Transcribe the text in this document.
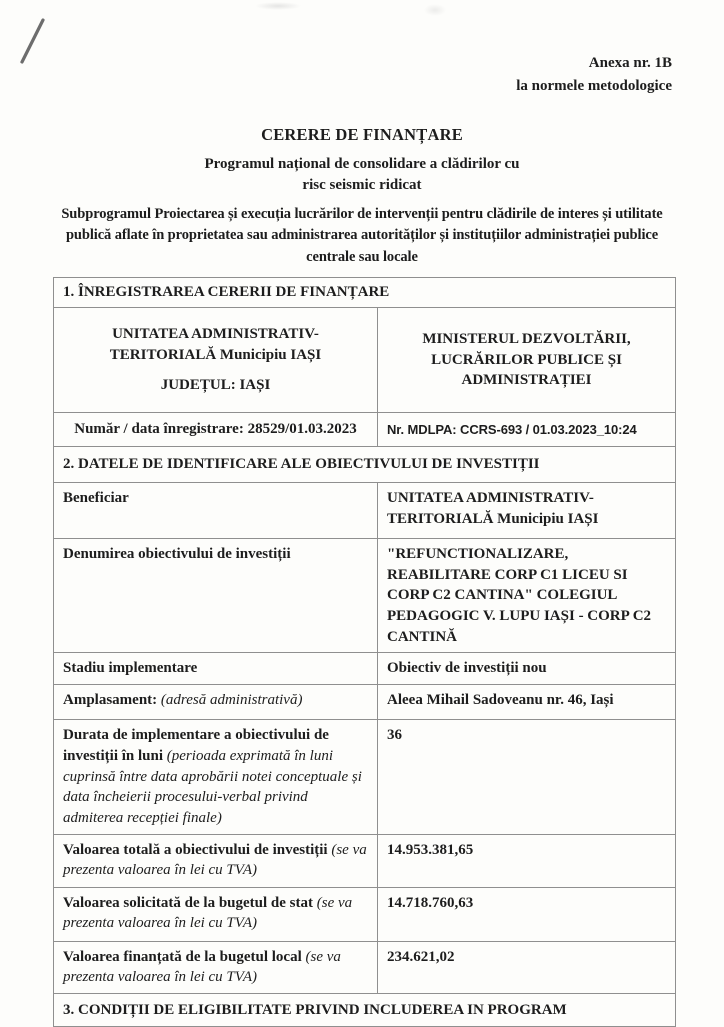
Anexa nr. 1B
la normele metodologice
CERERE DE FINANȚARE
Programul național de consolidare a clădirilor cu
risc seismic ridicat
Subprogramul Proiectarea și execuția lucrărilor de intervenții pentru clădirile de interes și utilitate
publică aflate în proprietatea sau administrarea autorităților și instituțiilor administrației publice
centrale sau locale
1. ÎNREGISTRAREA CERERII DE FINANȚARE	

UNITATEA ADMINISTRATIV-TERITORIALĂ Municipiu IAȘI
JUDEȚUL: IAȘI	MINISTERUL DEZVOLTĂRII, LUCRĂRILOR PUBLICE ȘI ADMINISTRAȚIEI

Număr / data înregistrare: 28529/01.03.2023	Nr. MDLPA: CCRS-693 / 01.03.2023_10:24
2. DATELE DE IDENTIFICARE ALE OBIECTIVULUI DE INVESTIȚII	
Beneficiar	UNITATEA ADMINISTRATIV-TERITORIALĂ Municipiu IAȘI
Denumirea obiectivului de investiții	"REFUNCTIONALIZARE, REABILITARE CORP C1 LICEU SI CORP C2 CANTINA" COLEGIUL PEDAGOGIC V. LUPU IAȘI - CORP C2 CANTINĂ
Stadiu implementare	Obiectiv de investiții nou
Amplasament: (adresă administrativă)	Aleea Mihail Sadoveanu nr. 46, Iași
Durata de implementare a obiectivului de investiții în luni (perioada exprimată în luni cuprinsă între data aprobării notei conceptuale și data încheierii procesului-verbal privind admiterea recepției finale)	36
Valoarea totală a obiectivului de investiții (se va prezenta valoarea în lei cu TVA)	14.953.381,65
Valoarea solicitată de la bugetul de stat (se va prezenta valoarea în lei cu TVA)	14.718.760,63
Valoarea finanțată de la bugetul local (se va prezenta valoarea în lei cu TVA)	234.621,02
3. CONDIȚII DE ELIGIBILITATE PRIVIND INCLUDEREA IN PROGRAM	
